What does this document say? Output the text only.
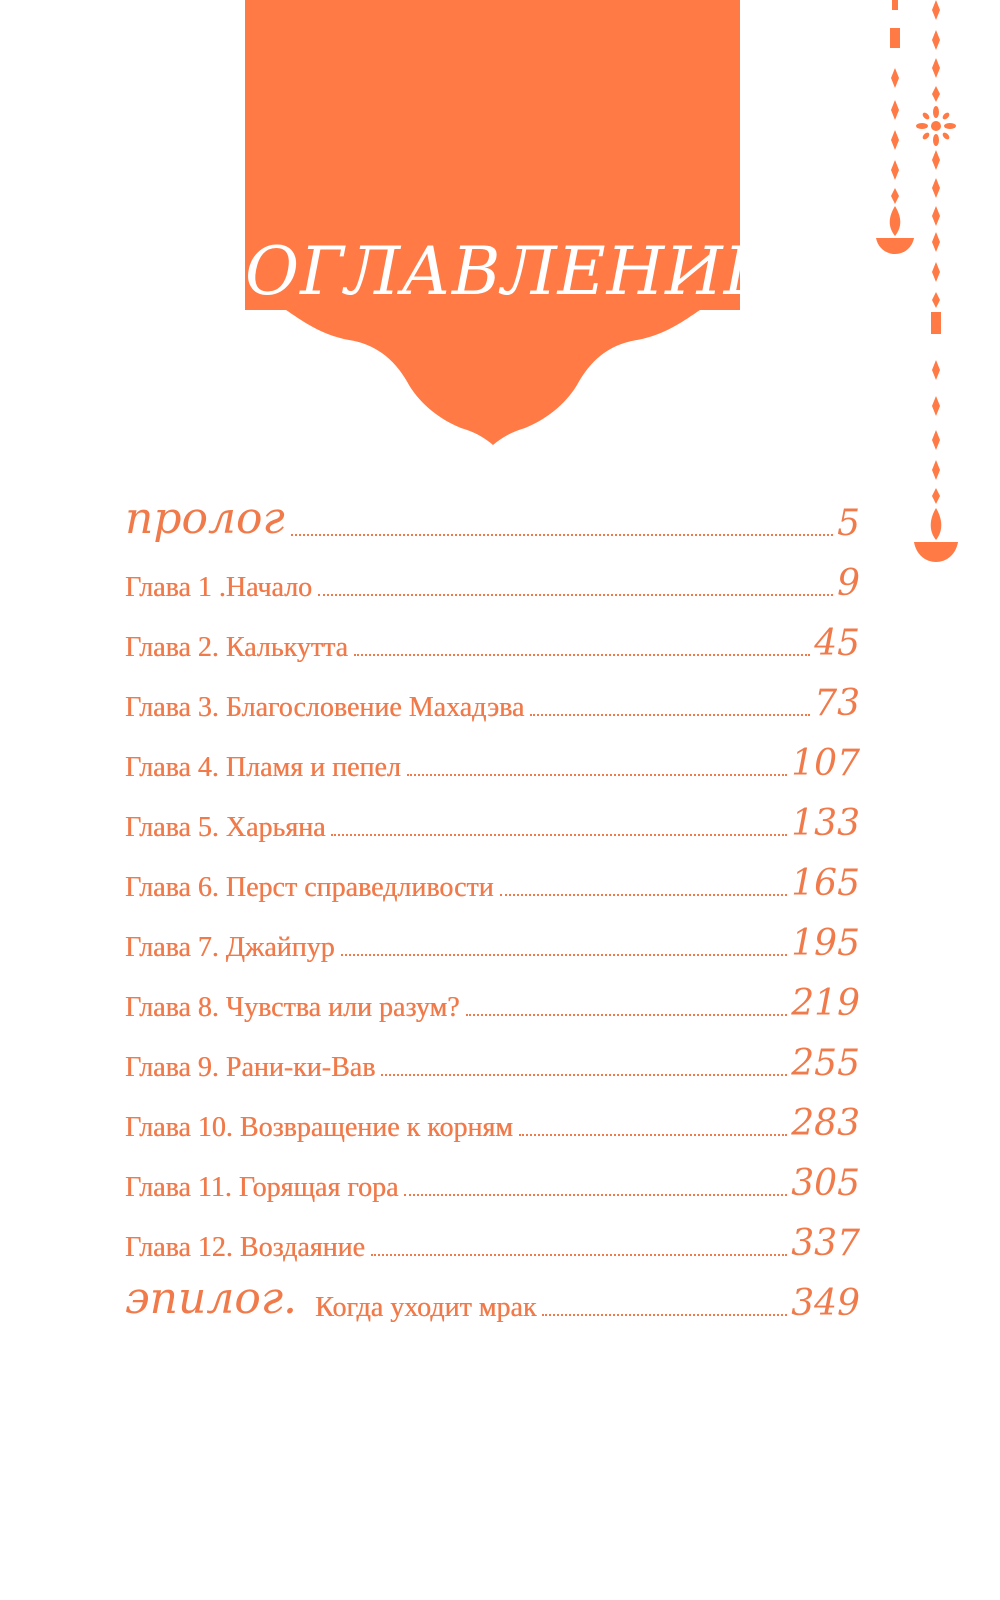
ОГЛАВЛЕНИЕ
пролог	5
Глава 1 .Начало	9
Глава 2. Калькутта	45
Глава 3. Благословение Махадэва	73
Глава 4. Пламя и пепел	107
Глава 5. Харьяна	133
Глава 6. Перст справедливости	165
Глава 7. Джайпур	195
Глава 8. Чувства или разум?	219
Глава 9. Рани-ки-Вав	255
Глава 10. Возвращение к корням	283
Глава 11. Горящая гора	305
Глава 12. Воздаяние	337
эпилог. Когда уходит мрак	349
